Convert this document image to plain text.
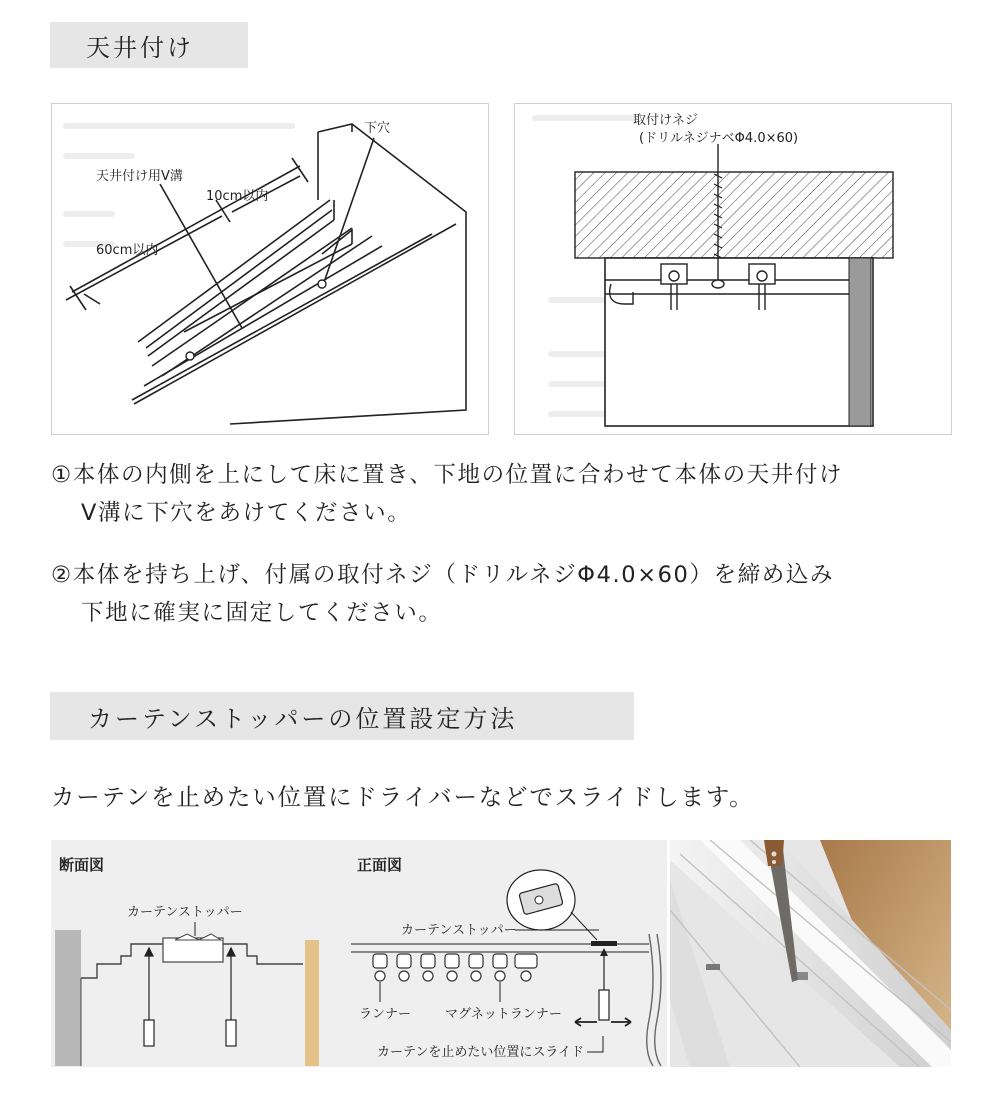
天井付け
下穴
天井付け用V溝
10cm以内
60cm以内
取付けネジ
(ドリルネジナベΦ4.0×60)
①本体の内側を上にして床に置き、下地の位置に合わせて本体の天井付け
V溝に下穴をあけてください。
②本体を持ち上げ、付属の取付ネジ（ドリルネジΦ4.0×60）を締め込み
下地に確実に固定してください。
カーテンストッパーの位置設定方法
カーテンを止めたい位置にドライバーなどでスライドします。
断面図
カーテンストッパー
正面図
カーテンストッパー
ランナー	マグネットランナー
カーテンを止めたい位置にスライド
